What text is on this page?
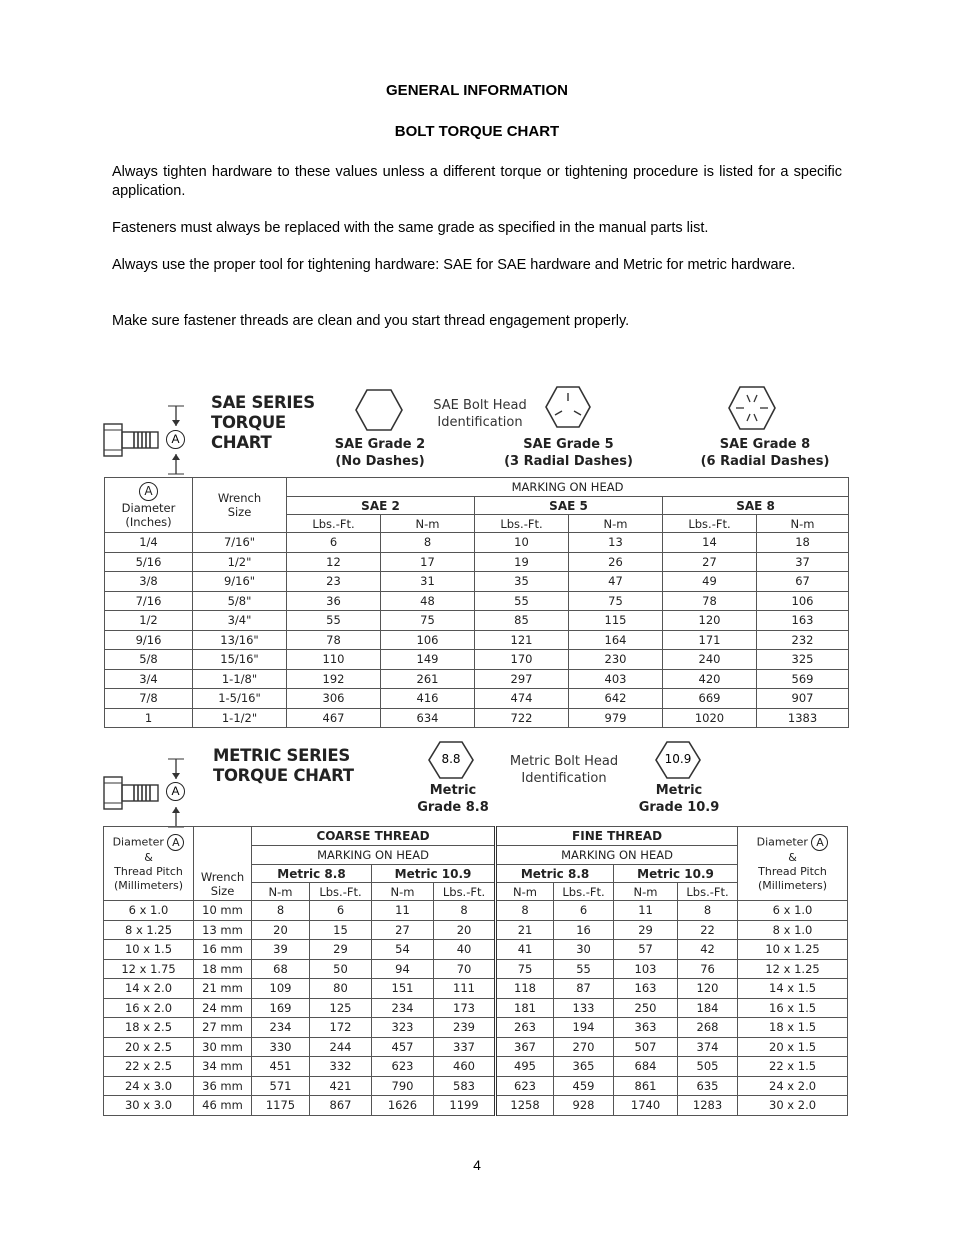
GENERAL INFORMATION
BOLT TORQUE CHART
Always tighten hardware to these values unless a different torque or tightening procedure is listed for a specific application.
Fasteners must always be replaced with the same grade as specified in the manual parts list.
Always use the proper tool for tightening hardware: SAE for SAE hardware and Metric for metric hardware.
Make sure fastener threads are clean and you start thread engagement properly.
A
SAE SERIES TORQUE CHART	SAE Grade 2
(No Dashes)
SAE Bolt Head Identification
SAE Grade 5
(3 Radial Dashes)
SAE Grade 8
(6 Radial Dashes)
A
Diameter
(Inches)	Wrench
Size	MARKING ON HEAD					
		SAE 2		SAE 5		SAE 8	
		Lbs.-Ft.	N-m	Lbs.-Ft.	N-m	Lbs.-Ft.	N-m
1/4	7/16"	6	8	10	13	14	18
5/16	1/2"	12	17	19	26	27	37
3/8	9/16"	23	31	35	47	49	67
7/16	5/8"	36	48	55	75	78	106
1/2	3/4"	55	75	85	115	120	163
9/16	13/16"	78	106	121	164	171	232
5/8	15/16"	110	149	170	230	240	325
3/4	1-1/8"	192	261	297	403	420	569
7/8	1-5/16"	306	416	474	642	669	907
1	1-1/2"	467	634	722	979	1020	1383
A
METRIC SERIES TORQUE CHART
8.8
Metric
Grade 8.8
Metric Bolt Head Identification
10.9
Metric
Grade 10.9
Diameter A
&
Thread Pitch
(Millimeters)	Wrench
Size	COARSE THREAD				FINE THREAD				Diameter A
&
Thread Pitch
(Millimeters)
		MARKING ON HEAD				MARKING ON HEAD				
		Metric 8.8		Metric 10.9		Metric 8.8		Metric 10.9		
		N-m	Lbs.-Ft.	N-m	Lbs.-Ft.	N-m	Lbs.-Ft.	N-m	Lbs.-Ft.	
6 x 1.0	10 mm	8	6	11	8	8	6	11	8	6 x 1.0
8 x 1.25	13 mm	20	15	27	20	21	16	29	22	8 x 1.0
10 x 1.5	16 mm	39	29	54	40	41	30	57	42	10 x 1.25
12 x 1.75	18 mm	68	50	94	70	75	55	103	76	12 x 1.25
14 x 2.0	21 mm	109	80	151	111	118	87	163	120	14 x 1.5
16 x 2.0	24 mm	169	125	234	173	181	133	250	184	16 x 1.5
18 x 2.5	27 mm	234	172	323	239	263	194	363	268	18 x 1.5
20 x 2.5	30 mm	330	244	457	337	367	270	507	374	20 x 1.5
22 x 2.5	34 mm	451	332	623	460	495	365	684	505	22 x 1.5
24 x 3.0	36 mm	571	421	790	583	623	459	861	635	24 x 2.0
30 x 3.0	46 mm	1175	867	1626	1199	1258	928	1740	1283	30 x 2.0
4
